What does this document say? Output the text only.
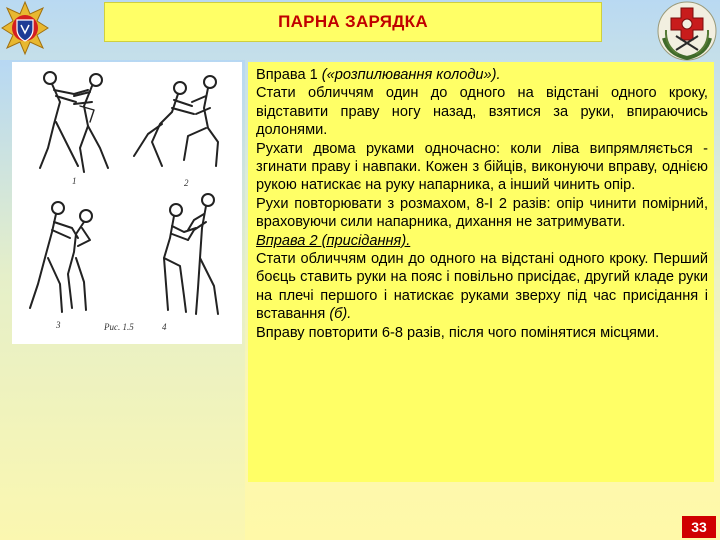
ПАРНА ЗАРЯДКА
1	2
3	4
Рис. 1.5

Вправа 1 («розпилювання колоди»).

Стати обличчям один до одного на відстані одного кроку, відставити праву ногу назад, взятися за руки, впираючись долонями.

Рухати двома руками одночасно: коли ліва випрямляється - згинати праву і навпаки. Кожен з бійців, виконуючи вправу, однією рукою натискає на руку напарника, а інший чинить опір.

Рухи повторювати з розмахом, 8-І 2 разів: опір чинити помірний, враховуючи сили напарника, дихання не затримувати.

Вправа 2 (присідання).

Стати обличчям один до одного на відстані одного кроку. Перший боєць ставить руки на пояс і повільно присідає, другий кладе руки на плечі першого і натискає руками зверху під час присідання і вставання (б).

Вправу повторити 6-8 разів, після чого помінятися місцями.

33
